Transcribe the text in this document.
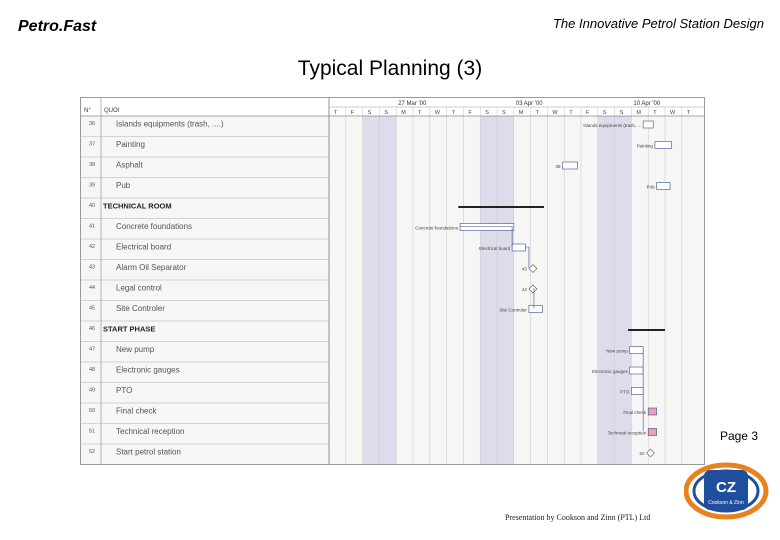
Petro.Fast	The Innovative Petrol Station Design
Typical Planning (3)
N° QUOI
27 Mar '00	03 Apr '00	10 Apr '00
T F S S M T W T F S S M T W T F S S M T W T
36	Islands equipments (trash, ....)	Islands equipments (trash, ...
37	Painting	Painting
38	Asphalt	38
39	Pub	Pub
40 TECHNICAL ROOM
41	Concrete foundations	Concrete foundations
42	Electrical board	Electrical board
43	Alarm Oil Separator	43
44	Legal control	44
45	Site Controler	Site Controler
46 START PHASE
47	New pump	New pump
48	Electronic gauges	Electronic gauges
49	PTO	PTO
50	Final check	Final check
51	Technical reception	Technical reception
52	Start petrol station	52
Page 3
Presentation by Cookson and Zinn (PTL) Ltd
CZ
Cookson & Zinn
